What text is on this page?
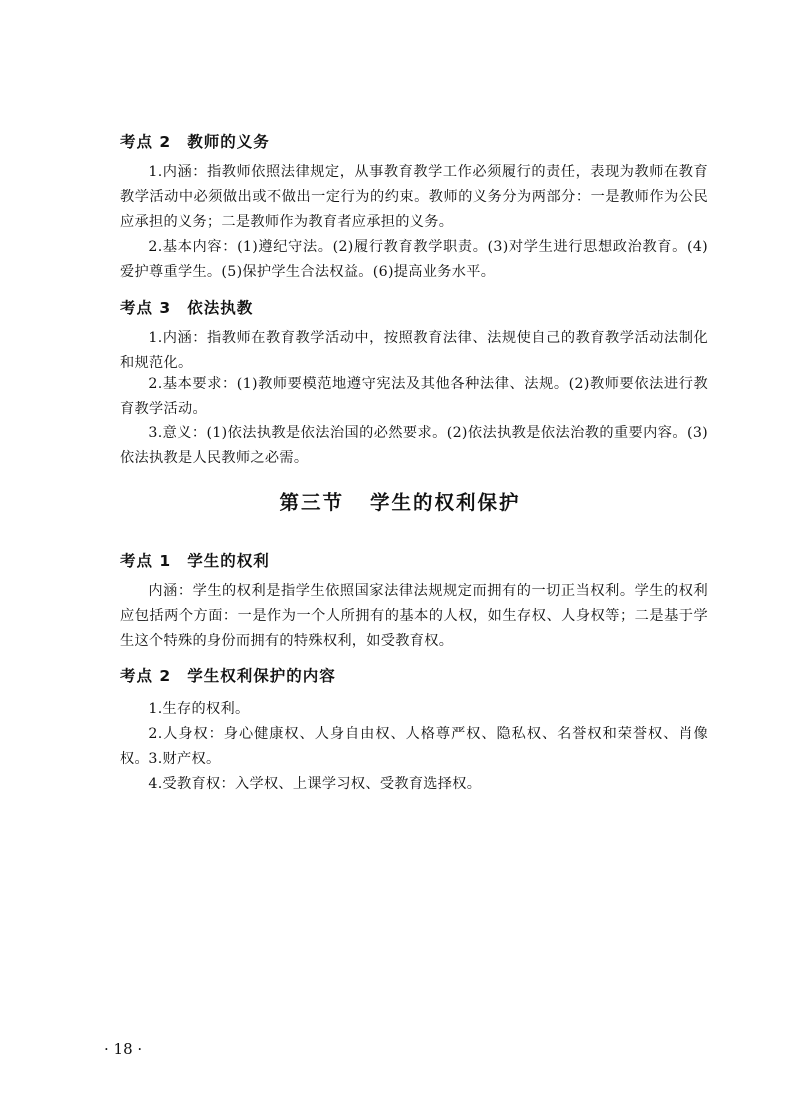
考点 2 教师的义务
1.内涵：指教师依照法律规定，从事教育教学工作必须履行的责任，表现为教师在教育教学活动中必须做出或不做出一定行为的约束。教师的义务分为两部分：一是教师作为公民应承担的义务；二是教师作为教育者应承担的义务。
2.基本内容：(1)遵纪守法。(2)履行教育教学职责。(3)对学生进行思想政治教育。(4)爱护尊重学生。(5)保护学生合法权益。(6)提高业务水平。
考点 3 依法执教
1.内涵：指教师在教育教学活动中，按照教育法律、法规使自己的教育教学活动法制化和规范化。
2.基本要求：(1)教师要模范地遵守宪法及其他各种法律、法规。(2)教师要依法进行教育教学活动。
3.意义：(1)依法执教是依法治国的必然要求。(2)依法执教是依法治教的重要内容。(3)依法执教是人民教师之必需。
第三节 学生的权利保护
考点 1 学生的权利
内涵：学生的权利是指学生依照国家法律法规规定而拥有的一切正当权利。学生的权利应包括两个方面：一是作为一个人所拥有的基本的人权，如生存权、人身权等；二是基于学生这个特殊的身份而拥有的特殊权利，如受教育权。
考点 2 学生权利保护的内容
1.生存的权利。
2.人身权：身心健康权、人身自由权、人格尊严权、隐私权、名誉权和荣誉权、肖像权。 3.财产权。
4.受教育权：入学权、上课学习权、受教育选择权。
· 18 ·
